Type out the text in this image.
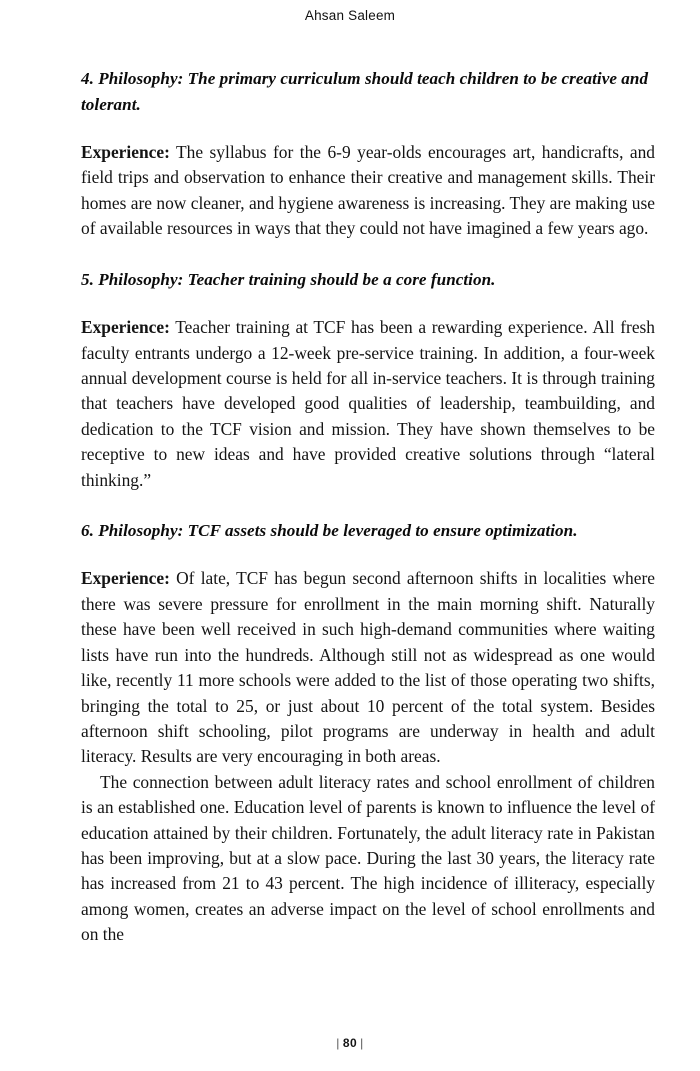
Ahsan Saleem
4. Philosophy: The primary curriculum should teach children to be creative and tolerant.

Experience: The syllabus for the 6-9 year-olds encourages art, handicrafts, and field trips and observation to enhance their creative and management skills. Their homes are now cleaner, and hygiene awareness is increasing. They are making use of available resources in ways that they could not have imagined a few years ago.

5. Philosophy: Teacher training should be a core function.

Experience: Teacher training at TCF has been a rewarding experience. All fresh faculty entrants undergo a 12-week pre-service training. In addition, a four-week annual development course is held for all in-service teachers. It is through training that teachers have developed good qualities of leadership, teambuilding, and dedication to the TCF vision and mission. They have shown themselves to be receptive to new ideas and have provided creative solutions through “lateral thinking.”

6. Philosophy: TCF assets should be leveraged to ensure optimization.

Experience: Of late, TCF has begun second afternoon shifts in localities where there was severe pressure for enrollment in the main morning shift. Naturally these have been well received in such high-demand communities where waiting lists have run into the hundreds. Although still not as widespread as one would like, recently 11 more schools were added to the list of those operating two shifts, bringing the total to 25, or just about 10 percent of the total system. Besides afternoon shift schooling, pilot programs are underway in health and adult literacy. Results are very encouraging in both areas.

The connection between adult literacy rates and school enrollment of children is an established one. Education level of parents is known to influence the level of education attained by their children. Fortunately, the adult literacy rate in Pakistan has been improving, but at a slow pace. During the last 30 years, the literacy rate has increased from 21 to 43 percent. The high incidence of illiteracy, especially among women, creates an adverse impact on the level of school enrollments and on the

| 80 |
